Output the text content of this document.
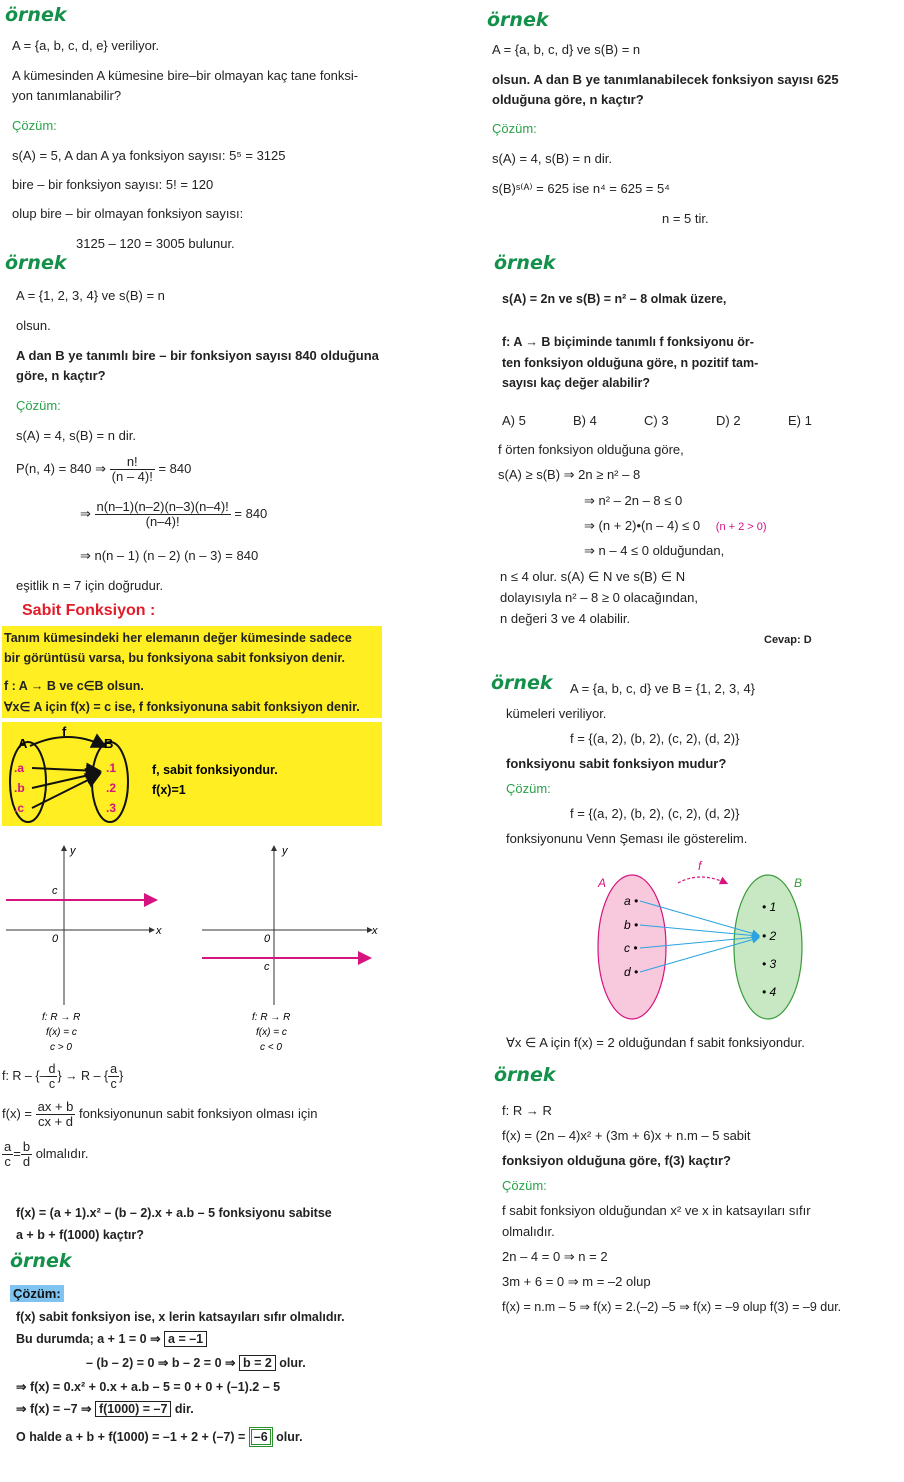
örnek
A = {a, b, c, d, e} veriliyor.
A kümesinden A kümesine bire–bir olmayan kaç tane fonksi-
yon tanımlanabilir?
Çözüm:
s(A) = 5, A dan A ya fonksiyon sayısı: 5⁵ = 3125
bire – bir fonksiyon sayısı: 5! = 120
olup bire – bir olmayan fonksiyon sayısı:
3125 – 120 = 3005 bulunur.
örnek
A = {1, 2, 3, 4} ve s(B) = n
olsun.
A dan B ye tanımlı bire – bir fonksiyon sayısı 840 olduğuna
göre, n kaçtır?
Çözüm:
s(A) = 4, s(B) = n dir.
P(n, 4) = 840 ⇒ $\frac{n!}{(n - 4)!} = 840$
⇒ $\frac{n(n-1)(n-2)(n-3)(n-4)!}{(n-4)!} = 840$
⇒ n(n – 1) (n – 2) (n – 3) = 840
eşitlik n = 7 için doğrudur.
Sabit Fonksiyon :
Tanım kümesindeki her elemanın değer kümesinde sadece
bir görüntüsü varsa, bu fonksiyona sabit fonksiyon denir.
f : A → B ve c∈B olsun.
∀x∈ A için f(x) = c ise, f fonksiyonuna sabit fonksiyon denir.
A	B
f
.a
.b
.c
.1
.2
.3
f, sabit fonksiyondur.
f(x)=1
y
x
c
0
f: R → R
f(x) = c
c > 0
y
x
c
0
f: R → R
f(x) = c
c < 0
f: R – {– $\frac{d}{c}$ } → R – { $\frac{a}{c}$ }
$f(x) = \frac{ax + b}{cx + d}$ fonksiyonunun sabit fonksiyon olması için
$\frac{a}{c} = \frac{b}{d}$ olmalıdır.
f(x) = (a + 1).x² – (b – 2).x + a.b – 5 fonksiyonu sabitse
a + b + f(1000) kaçtır?
örnek
Çözüm:
f(x) sabit fonksiyon ise, x lerin katsayıları sıfır olmalıdır.
Bu durumda; a + 1 = 0 ⇒ a = –1
– (b – 2) = 0 ⇒ b – 2 = 0 ⇒ b = 2 olur.
⇒ f(x) = 0.x² + 0.x + a.b – 5 = 0 + 0 + (–1).2 – 5
⇒ f(x) = –7 ⇒ f(1000) = –7 dir.
O halde a + b + f(1000) = –1 + 2 + (–7) = –6 olur.
örnek
A = {a, b, c, d} ve s(B) = n
olsun. A dan B ye tanımlanabilecek fonksiyon sayısı 625
olduğuna göre, n kaçtır?
Çözüm:
s(A) = 4, s(B) = n dir.
s(B)ˢ⁽ᴬ⁾ = 625 ise n⁴ = 625 = 5⁴
n = 5 tir.
örnek
s(A) = 2n ve s(B) = n² – 8 olmak üzere,
f: A → B biçiminde tanımlı f fonksiyonu ör-
ten fonksiyon olduğuna göre, n pozitif tam-
sayısı kaç değer alabilir?
A) 5	B) 4	C) 3	D) 2	E) 1
f örten fonksiyon olduğuna göre,
s(A) ≥ s(B) ⇒ 2n ≥ n² – 8
⇒ n² – 2n – 8 ≤ 0
⇒ (n + 2)•(n – 4) ≤ 0 (n + 2 > 0)
⇒ n – 4 ≤ 0 olduğundan,
n ≤ 4 olur. s(A) ∈ N ve s(B) ∈ N
dolayısıyla n² – 8 ≥ 0 olacağından,
n değeri 3 ve 4 olabilir.
Cevap: D
örnek A = {a, b, c, d} ve B = {1, 2, 3, 4}
kümeleri veriliyor.
f = {(a, 2), (b, 2), (c, 2), (d, 2)}
fonksiyonu sabit fonksiyon mudur?
Çözüm:
f = {(a, 2), (b, 2), (c, 2), (d, 2)}
fonksiyonunu Venn Şeması ile gösterelim.
A	B
f
a •
b •
c •
d •
• 1
• 2
• 3
• 4
∀x ∈ A için f(x) = 2 olduğundan f sabit fonksiyondur.
örnek
f: R → R
f(x) = (2n – 4)x² + (3m + 6)x + n.m – 5 sabit
fonksiyon olduğuna göre, f(3) kaçtır?
Çözüm:
f sabit fonksiyon olduğundan x² ve x in katsayıları sıfır
olmalıdır.
2n – 4 = 0 ⇒ n = 2
3m + 6 = 0 ⇒ m = –2 olup
f(x) = n.m – 5 ⇒ f(x) = 2.(–2) –5 ⇒ f(x) = –9 olup f(3) = –9 dur.
